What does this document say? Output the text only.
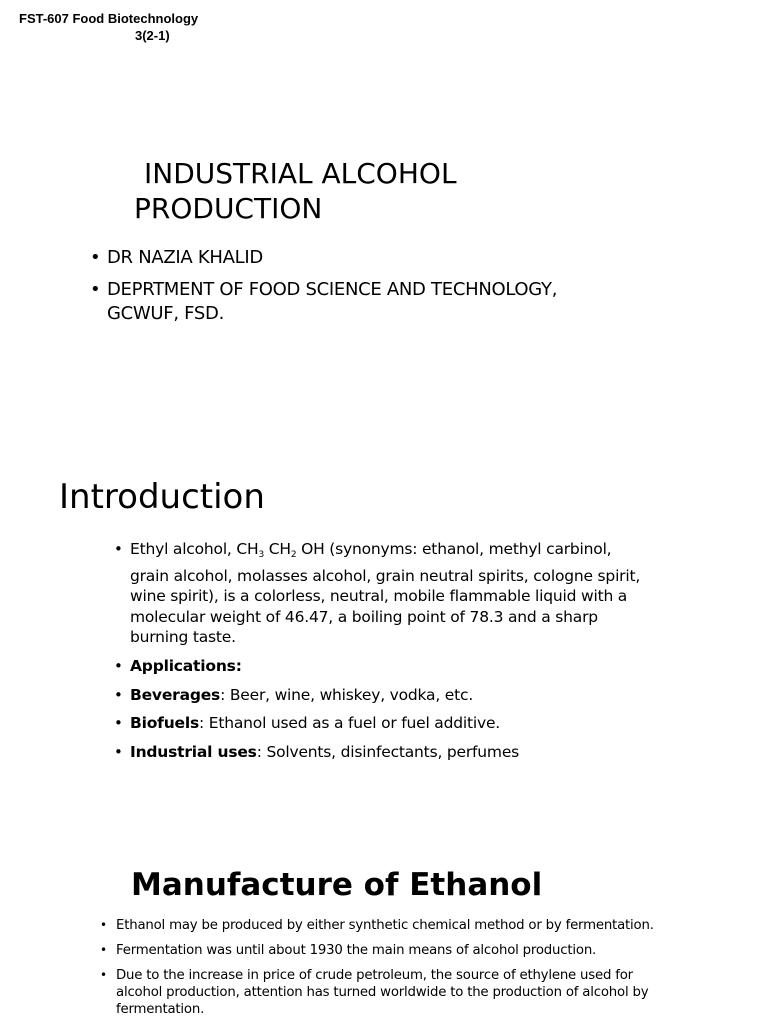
FST-607 Food Biotechnology
3(2-1)
INDUSTRIAL ALCOHOL
PRODUCTION
• DR NAZIA KHALID
• DEPRTMENT OF FOOD SCIENCE AND TECHNOLOGY, GCWUF, FSD.
Introduction
• Ethyl alcohol, $CH_3$ $CH_2$ OH (synonyms: ethanol, methyl carbinol, grain alcohol, molasses alcohol, grain neutral spirits, cologne spirit, wine spirit), is a colorless, neutral, mobile flammable liquid with a molecular weight of 46.47, a boiling point of 78.3 and a sharp burning taste.
• Applications:
• Beverages: Beer, wine, whiskey, vodka, etc.
• Biofuels: Ethanol used as a fuel or fuel additive.
• Industrial uses: Solvents, disinfectants, perfumes
Manufacture of Ethanol
• Ethanol may be produced by either synthetic chemical method or by fermentation.
• Fermentation was until about 1930 the main means of alcohol production.
• Due to the increase in price of crude petroleum, the source of ethylene used for alcohol production, attention has turned worldwide to the production of alcohol by fermentation.
